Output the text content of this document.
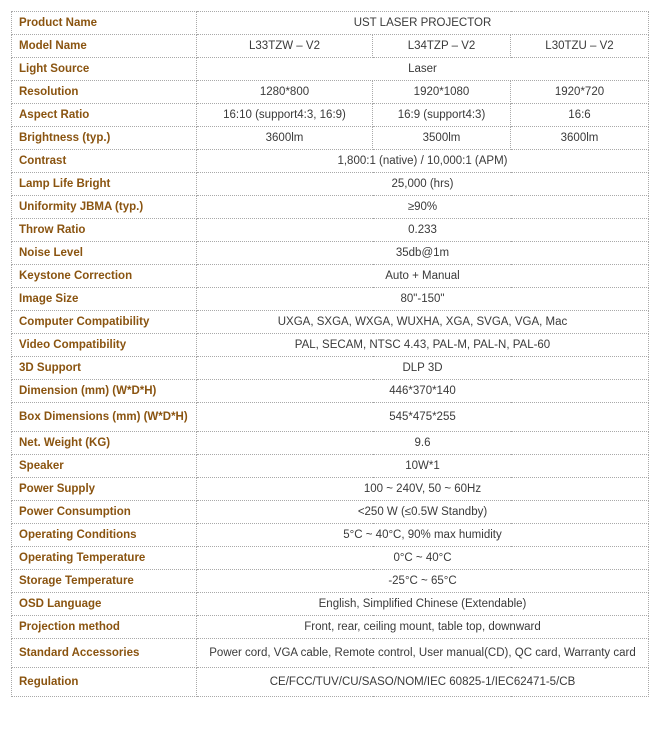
Product Name	UST LASER PROJECTOR		
Model Name	L33TZW – V2	L34TZP – V2	L30TZU – V2
Light Source	Laser		
Resolution	1280*800	1920*1080	1920*720
Aspect Ratio	16:10 (support4:3, 16:9)	16:9 (support4:3)	16:6
Brightness (typ.)	3600lm	3500lm	3600lm
Contrast	1,800:1 (native) / 10,000:1 (APM)		
Lamp Life Bright	25,000 (hrs)		
Uniformity JBMA (typ.)	≥90%		
Throw Ratio	0.233		
Noise Level	35db@1m		
Keystone Correction	Auto + Manual		
Image Size	80"-150"		
Computer Compatibility	UXGA, SXGA, WXGA, WUXHA, XGA, SVGA, VGA, Mac		
Video Compatibility	PAL, SECAM, NTSC 4.43, PAL-M, PAL-N, PAL-60		
3D Support	DLP 3D		
Dimension (mm) (W*D*H)	446*370*140		
Box Dimensions (mm) (W*D*H)	545*475*255		
Net. Weight (KG)	9.6		
Speaker	10W*1		
Power Supply	100 ~ 240V, 50 ~ 60Hz		
Power Consumption	<250 W (≤0.5W Standby)		
Operating Conditions	5°C ~ 40°C, 90% max humidity		
Operating Temperature	0°C ~ 40°C		
Storage Temperature	-25°C ~ 65°C		
OSD Language	English, Simplified Chinese (Extendable)		
Projection method	Front, rear, ceiling mount, table top, downward		
Standard Accessories	Power cord, VGA cable, Remote control, User manual(CD), QC card, Warranty card		
Regulation	CE/FCC/TUV/CU/SASO/NOM/IEC 60825-1/IEC62471-5/CB		
